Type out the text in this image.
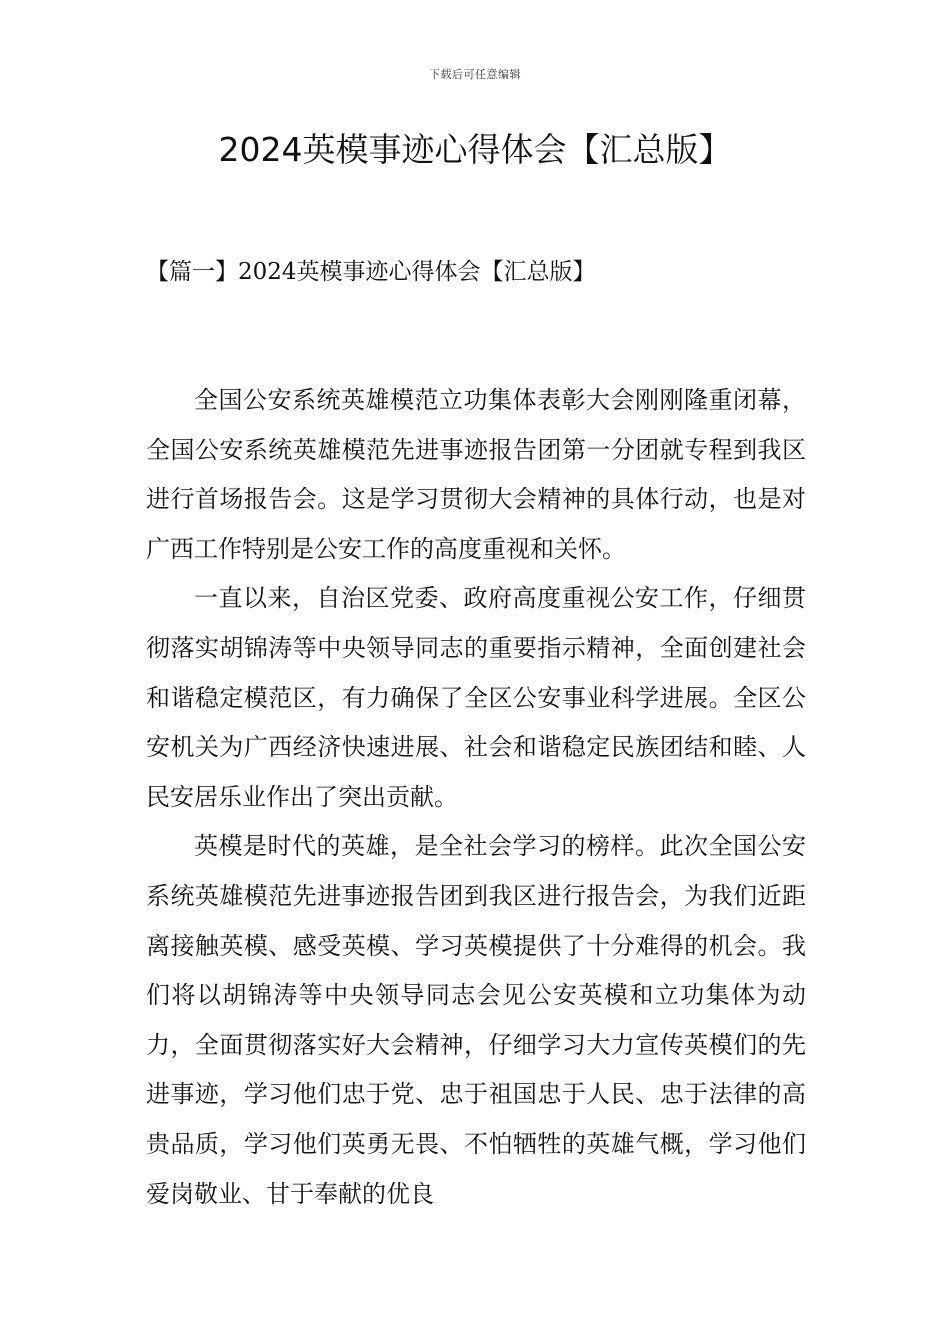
下载后可任意编辑
2024英模事迹心得体会【汇总版】
【篇一】2024英模事迹心得体会【汇总版】

全国公安系统英雄模范立功集体表彰大会刚刚隆重闭幕，全国公安系统英雄模范先进事迹报告团第一分团就专程到我区进行首场报告会。这是学习贯彻大会精神的具体行动，也是对广西工作特别是公安工作的高度重视和关怀。

一直以来，自治区党委、政府高度重视公安工作，仔细贯彻落实胡锦涛等中央领导同志的重要指示精神，全面创建社会和谐稳定模范区，有力确保了全区公安事业科学进展。全区公安机关为广西经济快速进展、社会和谐稳定民族团结和睦、人民安居乐业作出了突出贡献。

英模是时代的英雄，是全社会学习的榜样。此次全国公安系统英雄模范先进事迹报告团到我区进行报告会，为我们近距离接触英模、感受英模、学习英模提供了十分难得的机会。我们将以胡锦涛等中央领导同志会见公安英模和立功集体为动力，全面贯彻落实好大会精神，仔细学习大力宣传英模们的先进事迹，学习他们忠于党、忠于祖国忠于人民、忠于法律的高贵品质，学习他们英勇无畏、不怕牺牲的英雄气概，学习他们爱岗敬业、甘于奉献的优良
